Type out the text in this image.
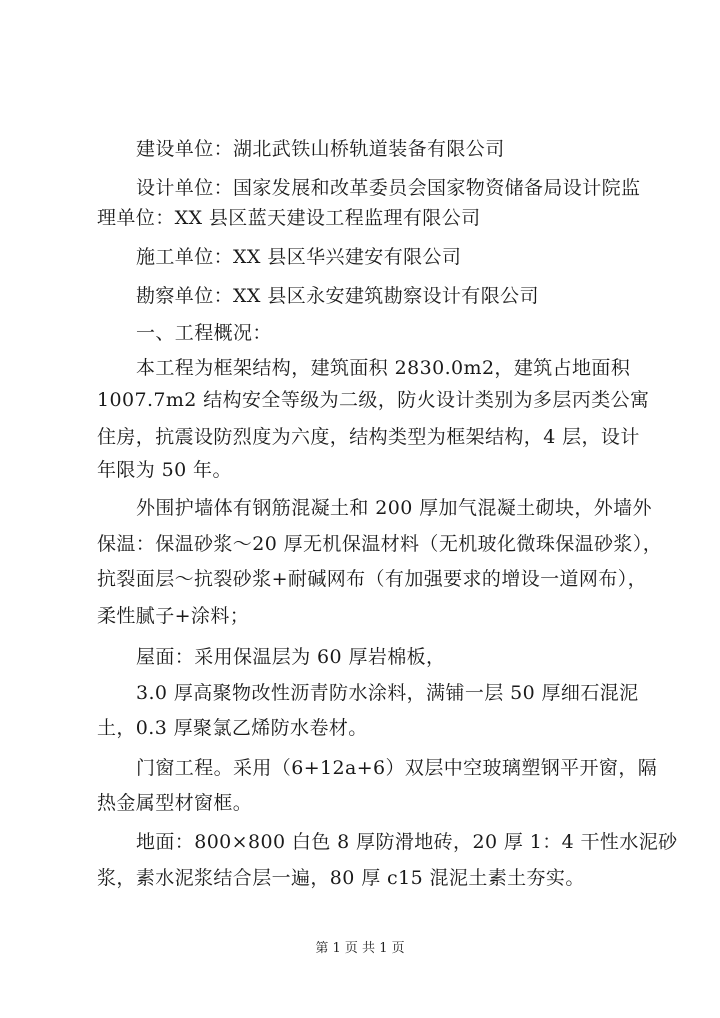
建设单位：湖北武铁山桥轨道装备有限公司
设计单位：国家发展和改革委员会国家物资储备局设计院监
理单位：XX 县区蓝天建设工程监理有限公司
施工单位：XX 县区华兴建安有限公司
勘察单位：XX 县区永安建筑勘察设计有限公司
一、工程概况：
本工程为框架结构，建筑面积 2830.0m2，建筑占地面积
1007.7m2 结构安全等级为二级，防火设计类别为多层丙类公寓
住房，抗震设防烈度为六度，结构类型为框架结构，4 层，设计
年限为 50 年。
外围护墙体有钢筋混凝土和 200 厚加气混凝土砌块，外墙外
保温：保温砂浆～20 厚无机保温材料（无机玻化微珠保温砂浆），
抗裂面层～抗裂砂浆+耐碱网布（有加强要求的增设一道网布），
柔性腻子+涂料；
屋面：采用保温层为 60 厚岩棉板，
3.0 厚高聚物改性沥青防水涂料，满铺一层 50 厚细石混泥
土，0.3 厚聚氯乙烯防水卷材。
门窗工程。采用（6+12a+6）双层中空玻璃塑钢平开窗，隔
热金属型材窗框。
地面：800×800 白色 8 厚防滑地砖，20 厚 1：4 干性水泥砂
浆，素水泥浆结合层一遍，80 厚 c15 混泥土素土夯实。
第 1 页 共 1 页
